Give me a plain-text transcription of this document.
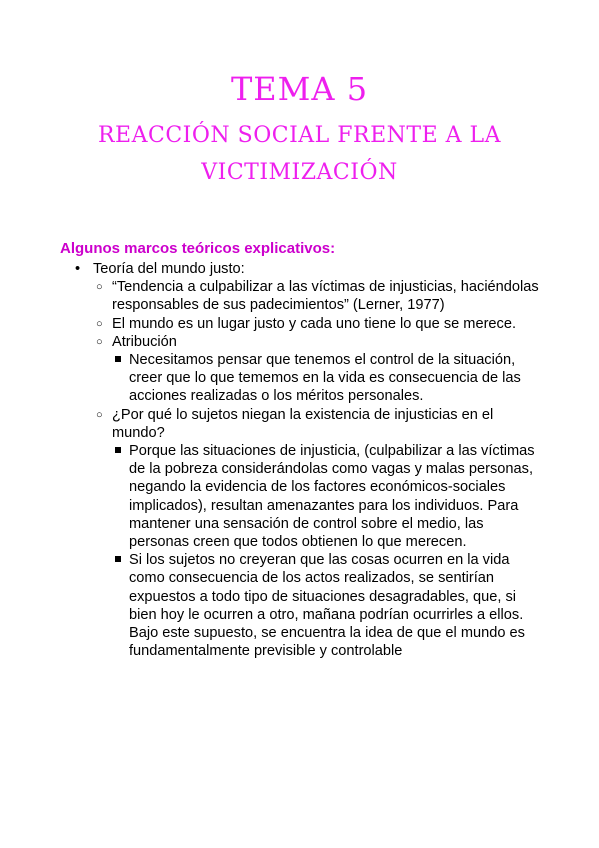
TEMA 5
REACCIÓN SOCIAL FRENTE A LA VICTIMIZACIÓN
Algunos marcos teóricos explicativos:
• Teoría del mundo justo:
○ “Tendencia a culpabilizar a las víctimas de injusticias, haciéndolas responsables de sus padecimientos” (Lerner, 1977)
○ El mundo es un lugar justo y cada uno tiene lo que se merece.
○ Atribución
Necesitamos pensar que tenemos el control de la situación, creer que lo que tememos en la vida es consecuencia de las acciones realizadas o los méritos personales.
○ ¿Por qué lo sujetos niegan la existencia de injusticias en el mundo?
Porque las situaciones de injusticia, (culpabilizar a las víctimas de la pobreza considerándolas como vagas y malas personas, negando la evidencia de los factores económicos-sociales implicados), resultan amenazantes para los individuos. Para mantener una sensación de control sobre el medio, las personas creen que todos obtienen lo que merecen.
Si los sujetos no creyeran que las cosas ocurren en la vida como consecuencia de los actos realizados, se sentirían expuestos a todo tipo de situaciones desagradables, que, si bien hoy le ocurren a otro, mañana podrían ocurrirles a ellos. Bajo este supuesto, se encuentra la idea de que el mundo es fundamentalmente previsible y controlable
